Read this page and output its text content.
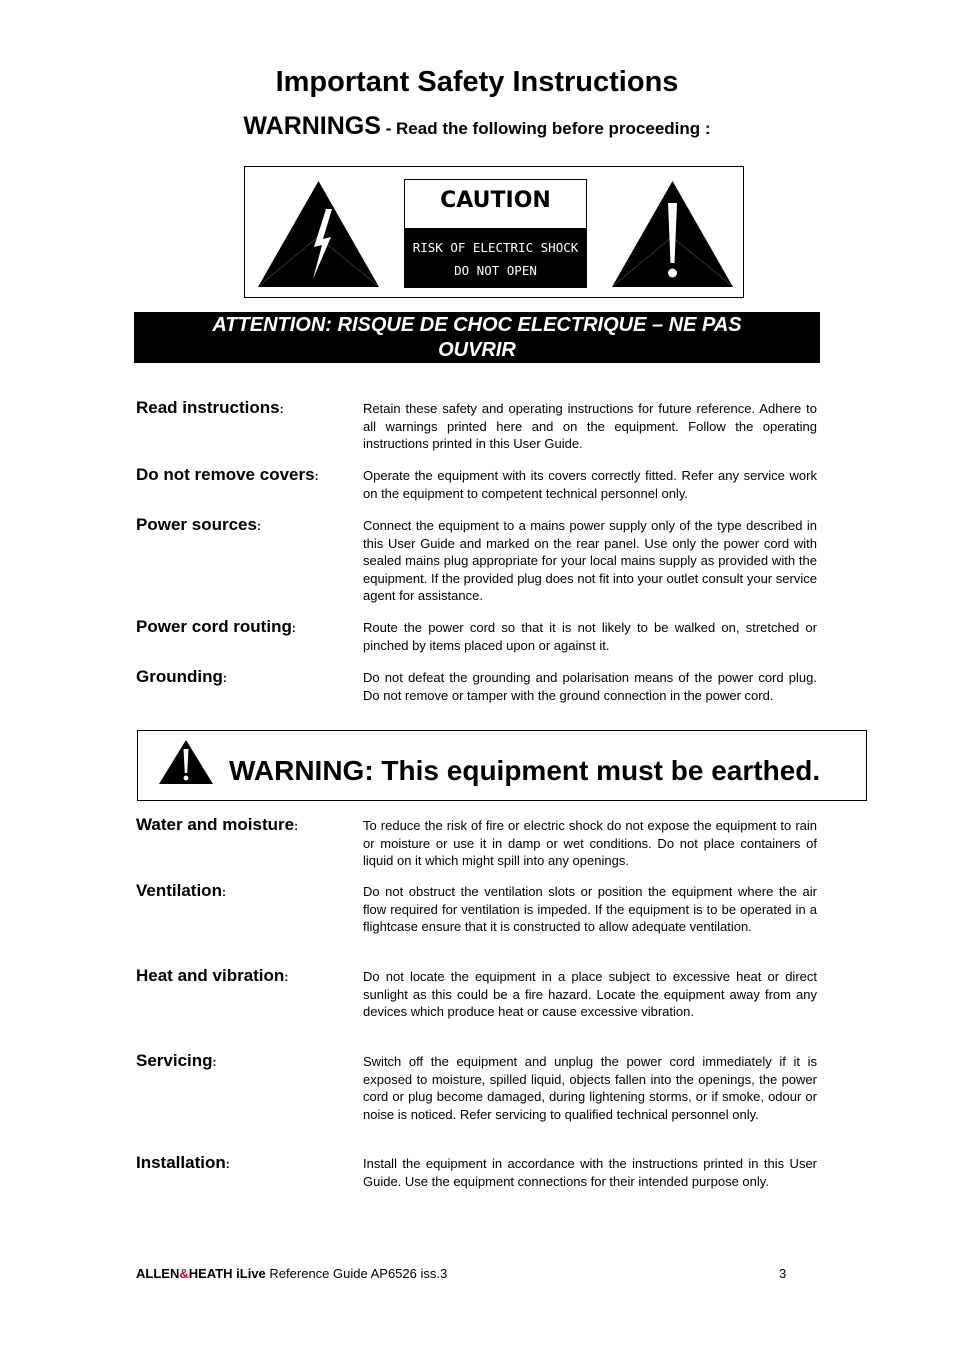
Important Safety Instructions
WARNINGS - Read the following before proceeding :
CAUTION
RISK OF ELECTRIC SHOCK
DO NOT OPEN
ATTENTION: RISQUE DE CHOC ELECTRIQUE – NE PAS
OUVRIR
Read instructions:	Retain these safety and operating instructions for future reference. Adhere to all warnings printed here and on the equipment. Follow the operating instructions printed in this User Guide.
Do not remove covers:	Operate the equipment with its covers correctly fitted. Refer any service work on the equipment to competent technical personnel only.
Power sources:	Connect the equipment to a mains power supply only of the type described in this User Guide and marked on the rear panel. Use only the power cord with sealed mains plug appropriate for your local mains supply as provided with the equipment. If the provided plug does not fit into your outlet consult your service agent for assistance.
Power cord routing:	Route the power cord so that it is not likely to be walked on, stretched or pinched by items placed upon or against it.
Grounding:	Do not defeat the grounding and polarisation means of the power cord plug. Do not remove or tamper with the ground connection in the power cord.
WARNING: This equipment must be earthed.
Water and moisture:	To reduce the risk of fire or electric shock do not expose the equipment to rain or moisture or use it in damp or wet conditions. Do not place containers of liquid on it which might spill into any openings.
Ventilation:	Do not obstruct the ventilation slots or position the equipment where the air flow required for ventilation is impeded. If the equipment is to be operated in a flightcase ensure that it is constructed to allow adequate ventilation.
Heat and vibration:	Do not locate the equipment in a place subject to excessive heat or direct sunlight as this could be a fire hazard. Locate the equipment away from any devices which produce heat or cause excessive vibration.
Servicing:	Switch off the equipment and unplug the power cord immediately if it is exposed to moisture, spilled liquid, objects fallen into the openings, the power cord or plug become damaged, during lightening storms, or if smoke, odour or noise is noticed. Refer servicing to qualified technical personnel only.
Installation:	Install the equipment in accordance with the instructions printed in this User Guide. Use the equipment connections for their intended purpose only.
ALLEN&HEATH iLive Reference Guide AP6526 iss.3	3
